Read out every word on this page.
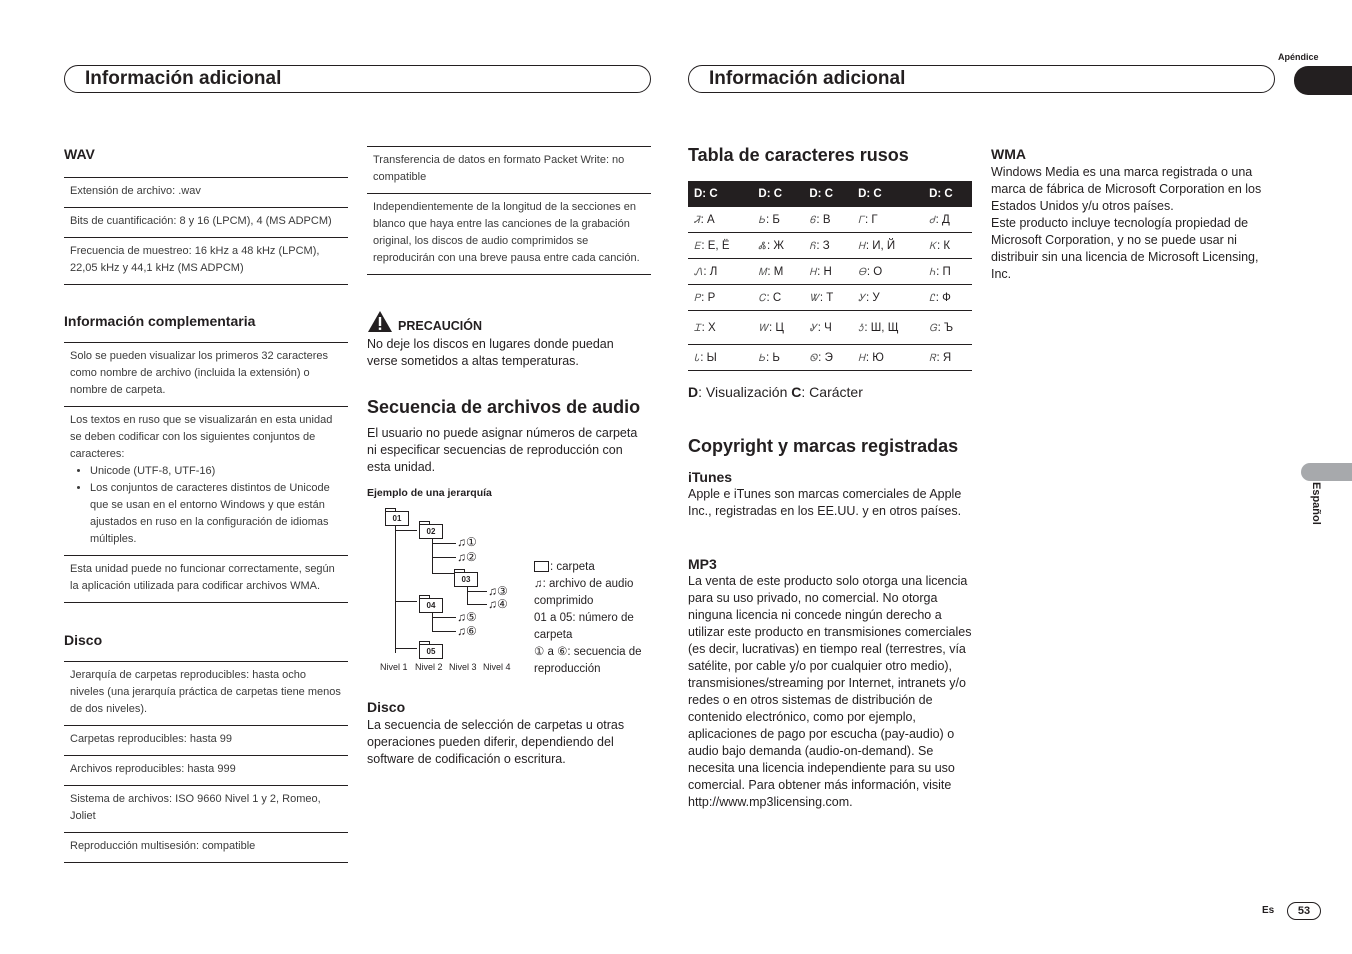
Apéndice
Información adicional	Información adicional
Español
WAV
Extensión de archivo: .wav
Bits de cuantificación: 8 y 16 (LPCM), 4 (MS ADPCM)
Frecuencia de muestreo: 16 kHz a 48 kHz (LPCM), 22,05 kHz y 44,1 kHz (MS ADPCM)
Información complementaria
Solo se pueden visualizar los primeros 32 caracteres como nombre de archivo (incluida la extensión) o nombre de carpeta.
Los textos en ruso que se visualizarán en esta unidad se deben codificar con los siguientes conjuntos de caracteres:
• Unicode (UTF-8, UTF-16)
• Los conjuntos de caracteres distintos de Unicode que se usan en el entorno Windows y que están ajustados en ruso en la configuración de idiomas múltiples.
Esta unidad puede no funcionar correctamente, según la aplicación utilizada para codificar archivos WMA.
Disco
Jerarquía de carpetas reproducibles: hasta ocho niveles (una jerarquía práctica de carpetas tiene menos de dos niveles).
Carpetas reproducibles: hasta 99
Archivos reproducibles: hasta 999
Sistema de archivos: ISO 9660 Nivel 1 y 2, Romeo, Joliet
Reproducción multisesión: compatible
Transferencia de datos en formato Packet Write: no compatible
Independientemente de la longitud de la secciones en blanco que haya entre las canciones de la grabación original, los discos de audio comprimidos se reproducirán con una breve pausa entre cada canción.
PRECAUCIÓN
No deje los discos en lugares donde puedan verse sometidos a altas temperaturas.
Secuencia de archivos de audio
El usuario no puede asignar números de carpeta ni especificar secuencias de reproducción con esta unidad.
Ejemplo de una jerarquía
01
02
03
04
05
♫①
♫②
♫③
♫④
♫⑤
♫⑥
Nivel 1 Nivel 2 Nivel 3 Nivel 4
: carpeta
♫: archivo de audio comprimido
01 a 05: número de carpeta
① a ⑥: secuencia de reproducción
Disco
La secuencia de selección de carpetas u otras operaciones pueden diferir, dependiendo del software de codificación o escritura.
Tabla de caracteres rusos
D: C	D: C	D: C	D: C	D: C
Ꮨ: А	Ꮟ: Б	Ꮾ: В	Ꮁ: Г	Ꮷ: Д
Ꭼ: Е, Ё	Ꮬ: Ж	Ᏺ: З	Ꮋ: И, Й	Ꮶ: К
Ꮑ: Л	Ꮇ: М	Ꮋ: Н	Ꮎ: О	Ꮒ: П
Ꮲ: Р	Ꮯ: С	Ꮤ: Т	Ꭹ: У	Ꮭ: Ф
Ꮖ: Х	Ꮃ: Ц	Ꮍ: Ч	Ꮌ: Ш, Щ	Ꮐ: Ъ
Ꮣ: Ы	Ꮟ: Ь	Ꮻ: Э	Ꮋ: Ю	Ꮢ: Я
D: Visualización C: Carácter
Copyright y marcas registradas
iTunes
Apple e iTunes son marcas comerciales de Apple Inc., registradas en los EE.UU. y en otros países.
MP3
La venta de este producto solo otorga una licencia para su uso privado, no comercial. No otorga ninguna licencia ni concede ningún derecho a utilizar este producto en transmisiones comerciales (es decir, lucrativas) en tiempo real (terrestres, vía satélite, por cable y/o por cualquier otro medio), transmisiones/streaming por Internet, intranets y/o redes o en otros sistemas de distribución de contenido electrónico, como por ejemplo, aplicaciones de pago por escucha (pay-audio) o audio bajo demanda (audio-on-demand). Se necesita una licencia independiente para su uso comercial. Para obtener más información, visite
http://www.mp3licensing.com.
WMA
Windows Media es una marca registrada o una marca de fábrica de Microsoft Corporation en los Estados Unidos y/u otros países.
Este producto incluye tecnología propiedad de Microsoft Corporation, y no se puede usar ni distribuir sin una licencia de Microsoft Licensing, Inc.
Es	53
